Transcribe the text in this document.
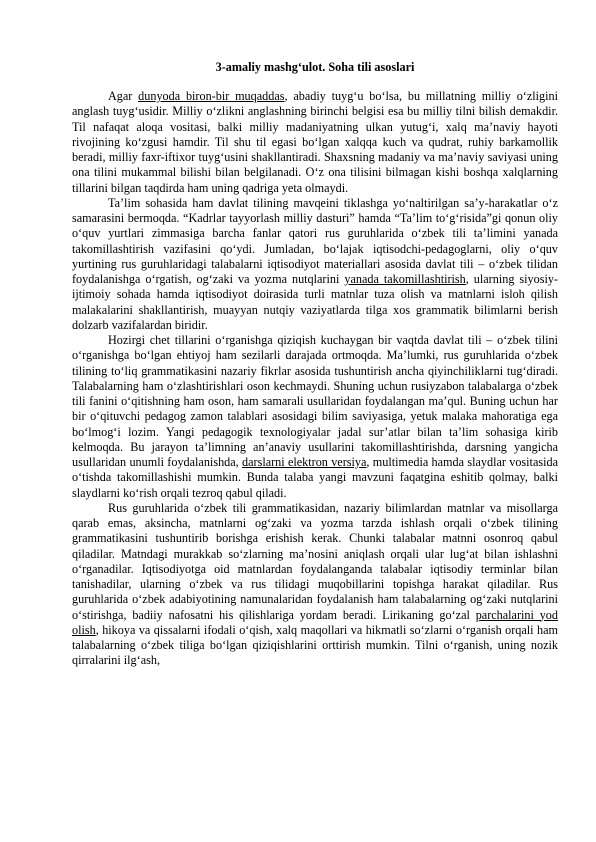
3-amaliy mashg‘ulot. Soha tili asoslari

Agar dunyoda biron-bir muqaddas, abadiy tuyg‘u bo‘lsa, bu millatning milliy o‘zligini anglash tuyg‘usidir. Milliy o‘zlikni anglashning birinchi belgisi esa bu milliy tilni bilish demakdir. Til nafaqat aloqa vositasi, balki milliy madaniyatning ulkan yutug‘i, xalq ma’naviy hayoti rivojining ko‘zgusi hamdir. Til shu til egasi bo‘lgan xalqqa kuch va qudrat, ruhiy barkamollik beradi, milliy faxr-iftixor tuyg‘usini shakllantiradi. Shaxsning madaniy va ma’naviy saviyasi uning ona tilini mukammal bilishi bilan belgilanadi. O‘z ona tilisini bilmagan kishi boshqa xalqlarning tillarini bilgan taqdirda ham uning qadriga yeta olmaydi.

Ta’lim sohasida ham davlat tilining mavqeini tiklashga yo‘naltirilgan sa’y-harakatlar o‘z samarasini bermoqda. “Kadrlar tayyorlash milliy dasturi” hamda “Ta’lim to‘g‘risida”gi qonun oliy o‘quv yurtlari zimmasiga barcha fanlar qatori rus guruhlarida o‘zbek tili ta’limini yanada takomillashtirish vazifasini qo‘ydi. Jumladan, bo‘lajak iqtisodchi-pedagoglarni, oliy o‘quv yurtining rus guruhlaridagi talabalarni iqtisodiyot materiallari asosida davlat tili – o‘zbek tilidan foydalanishga o‘rgatish, og‘zaki va yozma nutqlarini yanada takomillashtirish, ularning siyosiy-ijtimoiy sohada hamda iqtisodiyot doirasida turli matnlar tuza olish va matnlarni isloh qilish malakalarini shakllantirish, muayyan nutqiy vaziyatlarda tilga xos grammatik bilimlarni berish dolzarb vazifalardan biridir.

Hozirgi chet tillarini o‘rganishga qiziqish kuchaygan bir vaqtda davlat tili – o‘zbek tilini o‘rganishga bo‘lgan ehtiyoj ham sezilarli darajada ortmoqda. Ma’lumki, rus guruhlarida o‘zbek tilining to‘liq grammatikasini nazariy fikrlar asosida tushuntirish ancha qiyinchiliklarni tug‘diradi. Talabalarning ham o‘zlashtirishlari oson kechmaydi. Shuning uchun rusiyzabon talabalarga o‘zbek tili fanini o‘qitishning ham oson, ham samarali usullaridan foydalangan ma’qul. Buning uchun har bir o‘qituvchi pedagog zamon talablari asosidagi bilim saviyasiga, yetuk malaka mahoratiga ega bo‘lmog‘i lozim. Yangi pedagogik texnologiyalar jadal sur’atlar bilan ta’lim sohasiga kirib kelmoqda. Bu jarayon ta’limning an’anaviy usullarini takomillashtirishda, darsning yangicha usullaridan unumli foydalanishda, darslarni elektron versiya, multimedia hamda slaydlar vositasida o‘tishda takomillashishi mumkin. Bunda talaba yangi mavzuni faqatgina eshitib qolmay, balki slaydlarni ko‘rish orqali tezroq qabul qiladi.

Rus guruhlarida o‘zbek tili grammatikasidan, nazariy bilimlardan matnlar va misollarga qarab emas, aksincha, matnlarni og‘zaki va yozma tarzda ishlash orqali o‘zbek tilining grammatikasini tushuntirib borishga erishish kerak. Chunki talabalar matnni osonroq qabul qiladilar. Matndagi murakkab so‘zlarning ma’nosini aniqlash orqali ular lug‘at bilan ishlashni o‘rganadilar. Iqtisodiyotga oid matnlardan foydalanganda talabalar iqtisodiy terminlar bilan tanishadilar, ularning o‘zbek va rus tilidagi muqobillarini topishga harakat qiladilar. Rus guruhlarida o‘zbek adabiyotining namunalaridan foydalanish ham talabalarning og‘zaki nutqlarini o‘stirishga, badiiy nafosatni his qilishlariga yordam beradi. Lirikaning go‘zal parchalarini yod olish, hikoya va qissalarni ifodali o‘qish, xalq maqollari va hikmatli so‘zlarni o‘rganish orqali ham talabalarning o‘zbek tiliga bo‘lgan qiziqishlarini orttirish mumkin. Tilni o‘rganish, uning nozik qirralarini ilg‘ash,
